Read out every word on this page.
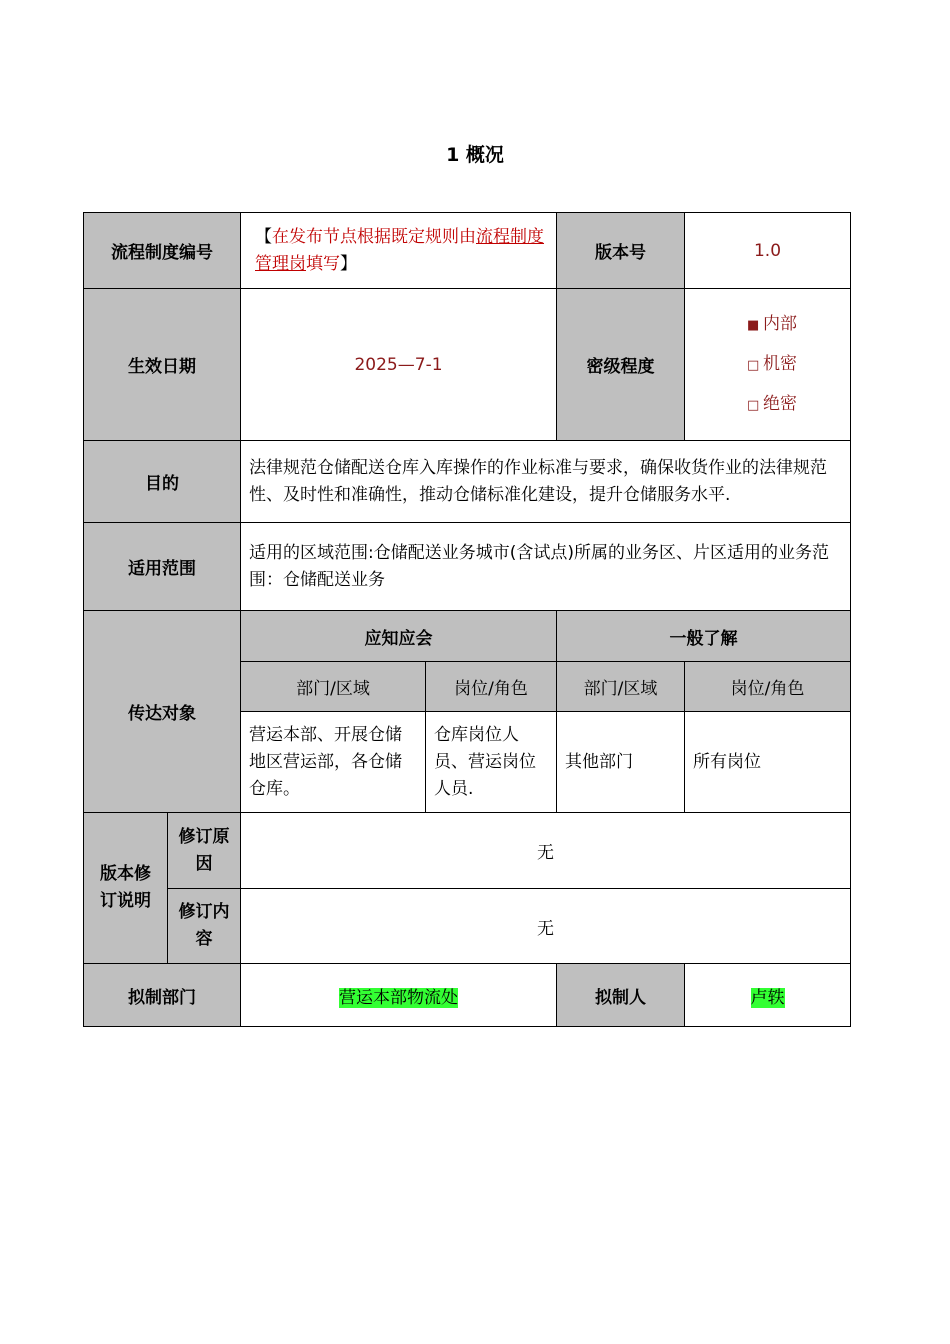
1 概况
流程制度编号		【在发布节点根据既定规则由流程制度管理岗填写】		版本号	1.0
生效日期		2025—7-1		密级程度	■ 内部
□ 机密
□ 绝密

目的		法律规范仓储配送仓库入库操作的作业标准与要求，确保收货作业的法律规范性、及时性和准确性，推动仓储标准化建设，提升仓储服务水平.			
适用范围		适用的区域范围:仓储配送业务城市(含试点)所属的业务区、片区适用的业务范围：仓储配送业务			
传达对象		应知应会		一般了解	
		部门/区域	岗位/角色	部门/区域	岗位/角色
		营运本部、开展仓储地区营运部，各仓储仓库。	仓库岗位人员、营运岗位人员.	其他部门	所有岗位
版本修订说明	修订原因	无			
	修订内容	无			
拟制部门		营运本部物流处		拟制人	卢轶
